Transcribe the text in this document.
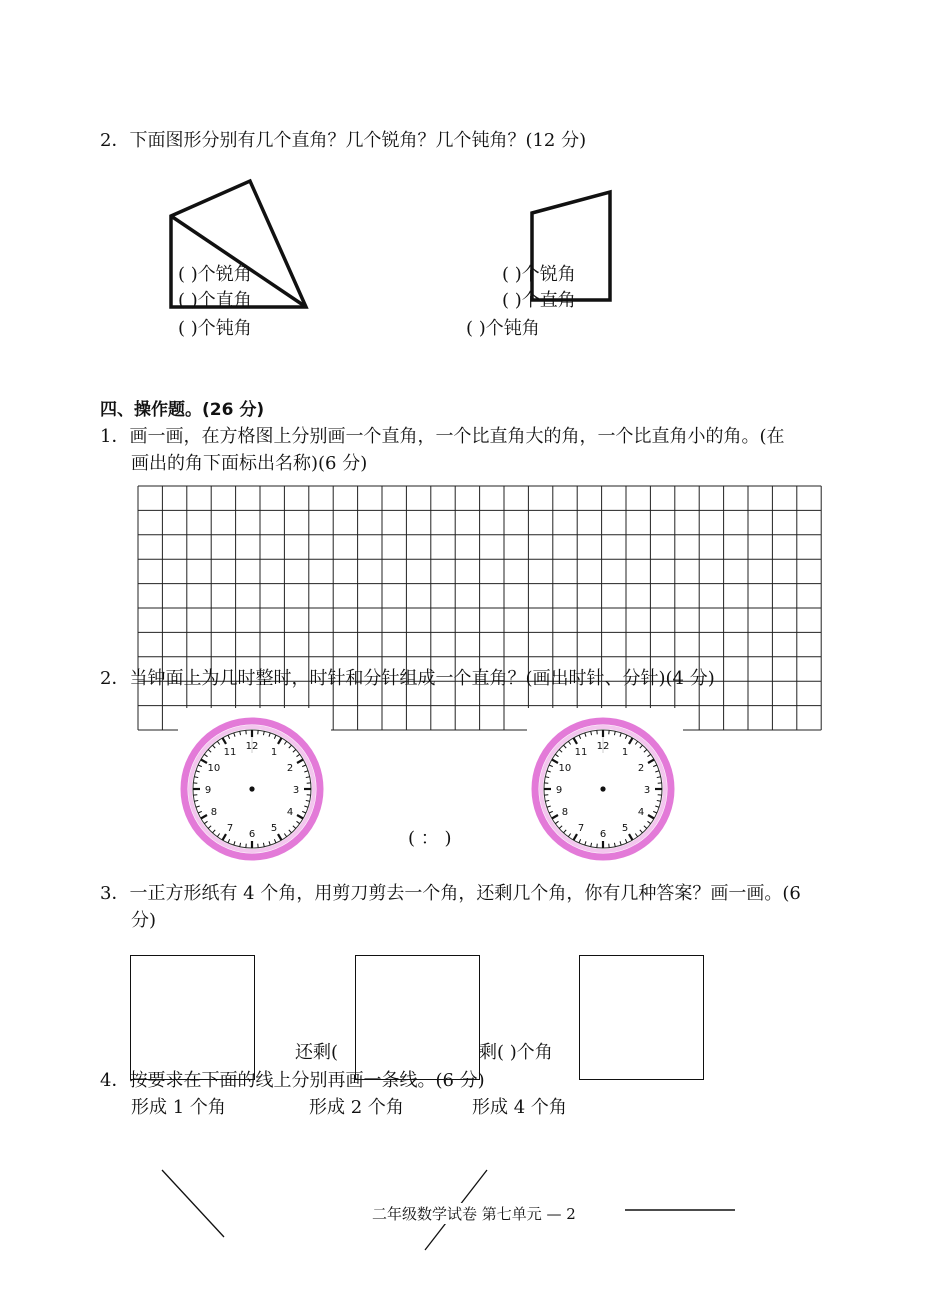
2．下面图形分别有几个直角？几个锐角？几个钝角？(12 分)
( )个锐角
( )个直角
( )个钝角
( )个锐角
( )个直角
( )个钝角
四、操作题。(26 分)
1．画一画，在方格图上分别画一个直角，一个比直角大的角，一个比直角小的角。(在
画出的角下面标出名称)(6 分)
2．当钟面上为几时整时，时针和分针组成一个直角？(画出时针、分针)(4 分)
12
1
2
3
4
5
6
7
8
9
10
11
12
1
2
3
4
5
6
7
8
9
10
11
( ： )
3．一正方形纸有 4 个角，用剪刀剪去一个角，还剩几个角，你有几种答案？画一画。(6
分)
还剩(	剩( )个角
4．按要求在下面的线上分别再画一条线。(6 分)
形成 1 个角	形成 2 个角	形成 4 个角
二年级数学试卷 第七单元 — 2
